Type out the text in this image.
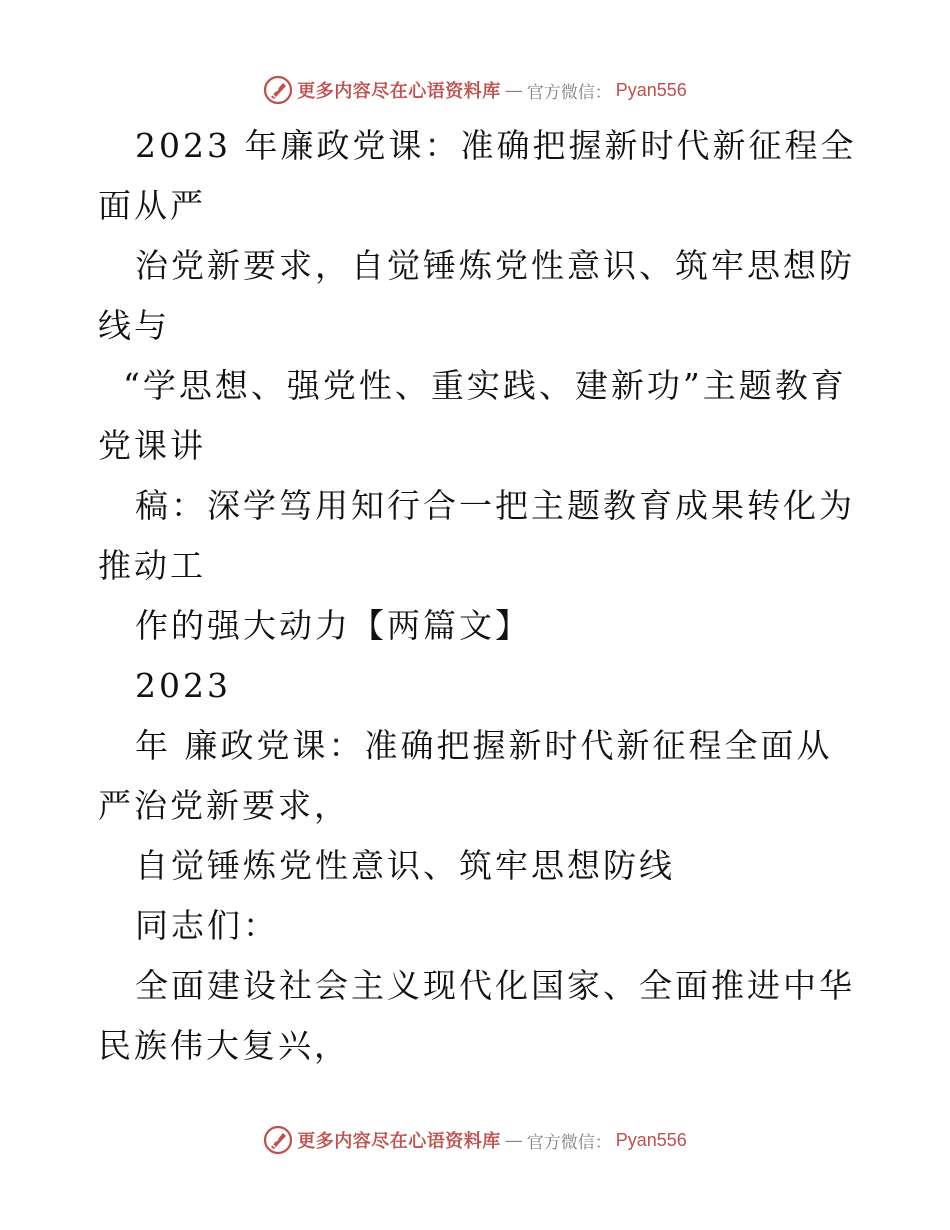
更多内容尽在心语资料库 — 官方微信： Pyan556

2023 年廉政党课：准确把握新时代新征程全面从严

治党新要求，自觉锤炼党性意识、筑牢思想防线与

“学思想、强党性、重实践、建新功”主题教育党课讲

稿：深学笃用知行合一把主题教育成果转化为推动工

作的强大动力【两篇文】

2023

年 廉政党课：准确把握新时代新征程全面从严治党新要求，

自觉锤炼党性意识、筑牢思想防线

同志们：

全面建设社会主义现代化国家、全面推进中华民族伟大复兴，

更多内容尽在心语资料库 — 官方微信： Pyan556
